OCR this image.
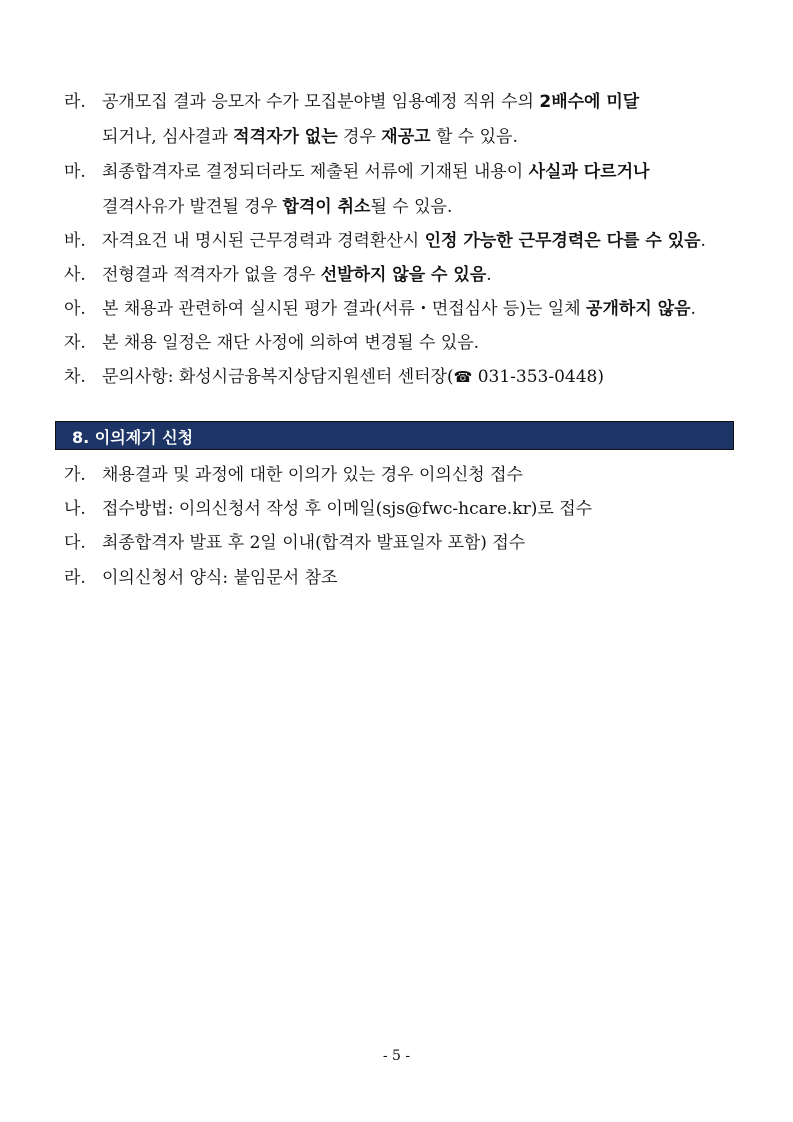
라. 공개모집 결과 응모자 수가 모집분야별 임용예정 직위 수의 2배수에 미달
되거나, 심사결과 적격자가 없는 경우 재공고 할 수 있음.
마. 최종합격자로 결정되더라도 제출된 서류에 기재된 내용이 사실과 다르거나
결격사유가 발견될 경우 합격이 취소될 수 있음.
바. 자격요건 내 명시된 근무경력과 경력환산시 인정 가능한 근무경력은 다를 수 있음.
사. 전형결과 적격자가 없을 경우 선발하지 않을 수 있음.
아. 본 채용과 관련하여 실시된 평가 결과(서류・면접심사 등)는 일체 공개하지 않음.
자. 본 채용 일정은 재단 사정에 의하여 변경될 수 있음.
차. 문의사항: 화성시금융복지상담지원센터 센터장(☎ 031-353-0448)
8. 이의제기 신청
가. 채용결과 및 과정에 대한 이의가 있는 경우 이의신청 접수
나. 접수방법: 이의신청서 작성 후 이메일(sjs@fwc-hcare.kr)로 접수
다. 최종합격자 발표 후 2일 이내(합격자 발표일자 포함) 접수
라. 이의신청서 양식: 붙임문서 참조
- 5 -
